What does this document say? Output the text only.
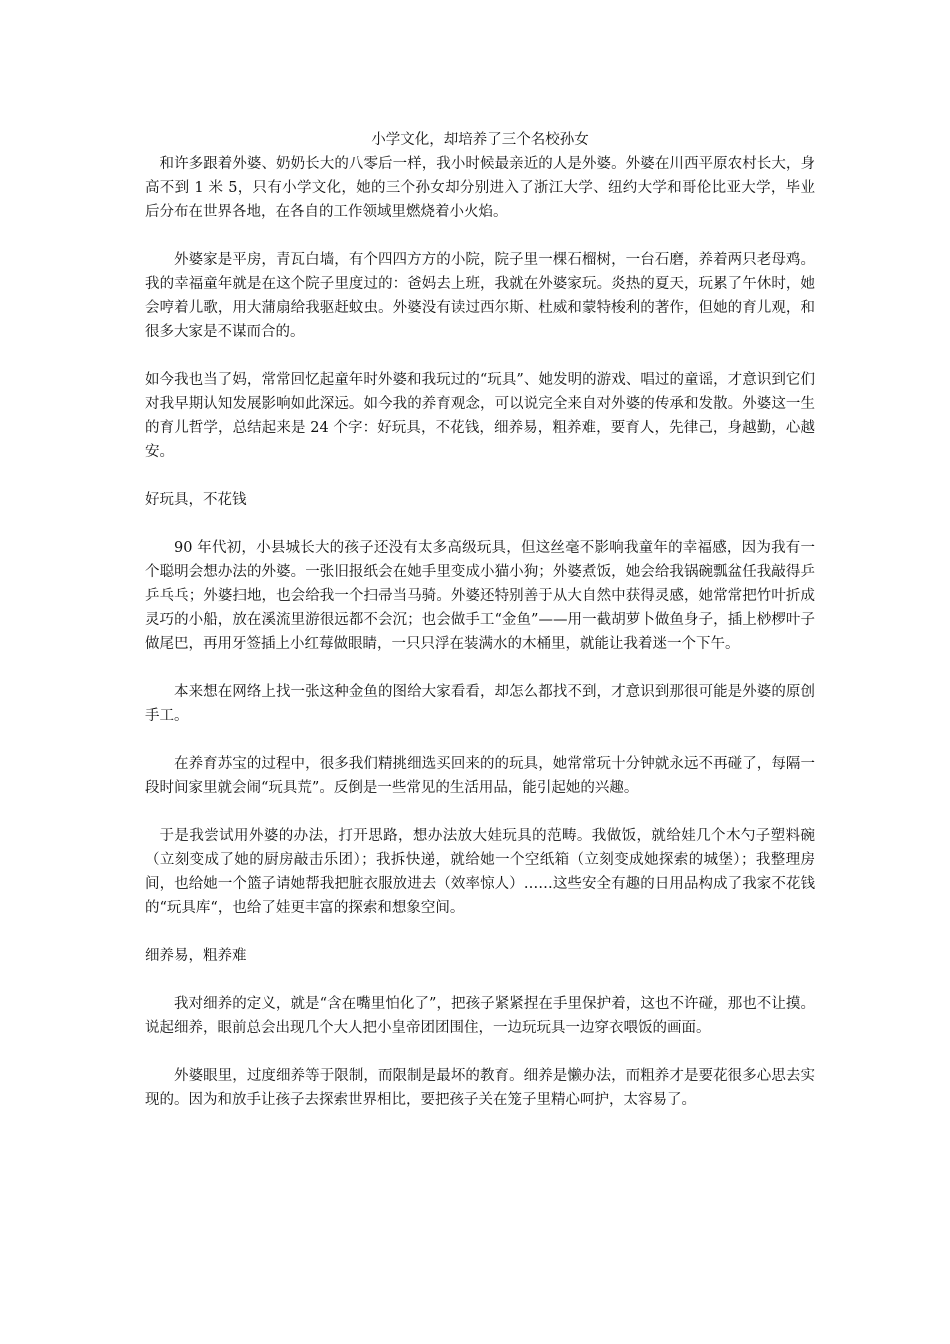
小学文化，却培养了三个名校孙女

和许多跟着外婆、奶奶长大的八零后一样，我小时候最亲近的人是外婆。外婆在川西平原农村长大，身高不到 1 米 5，只有小学文化，她的三个孙女却分别进入了浙江大学、纽约大学和哥伦比亚大学，毕业后分布在世界各地，在各自的工作领域里燃烧着小火焰。

外婆家是平房，青瓦白墙，有个四四方方的小院，院子里一棵石榴树，一台石磨，养着两只老母鸡。我的幸福童年就是在这个院子里度过的：爸妈去上班，我就在外婆家玩。炎热的夏天，玩累了午休时，她会哼着儿歌，用大蒲扇给我驱赶蚊虫。外婆没有读过西尔斯、杜威和蒙特梭利的著作，但她的育儿观，和很多大家是不谋而合的。

如今我也当了妈，常常回忆起童年时外婆和我玩过的“玩具”、她发明的游戏、唱过的童谣，才意识到它们对我早期认知发展影响如此深远。如今我的养育观念，可以说完全来自对外婆的传承和发散。外婆这一生的育儿哲学，总结起来是 24 个字：好玩具，不花钱，细养易，粗养难，要育人，先律己，身越勤，心越安。

好玩具，不花钱

90 年代初，小县城长大的孩子还没有太多高级玩具，但这丝毫不影响我童年的幸福感，因为我有一个聪明会想办法的外婆。一张旧报纸会在她手里变成小猫小狗；外婆煮饭，她会给我锅碗瓢盆任我敲得乒乒乓乓；外婆扫地，也会给我一个扫帚当马骑。外婆还特别善于从大自然中获得灵感，她常常把竹叶折成灵巧的小船，放在溪流里游很远都不会沉；也会做手工“金鱼”——用一截胡萝卜做鱼身子，插上桫椤叶子做尾巴，再用牙签插上小红莓做眼睛，一只只浮在装满水的木桶里，就能让我着迷一个下午。

本来想在网络上找一张这种金鱼的图给大家看看，却怎么都找不到，才意识到那很可能是外婆的原创手工。

在养育苏宝的过程中，很多我们精挑细选买回来的的玩具，她常常玩十分钟就永远不再碰了，每隔一段时间家里就会闹“玩具荒”。反倒是一些常见的生活用品，能引起她的兴趣。

于是我尝试用外婆的办法，打开思路，想办法放大娃玩具的范畴。我做饭，就给娃几个木勺子塑料碗（立刻变成了她的厨房敲击乐团）；我拆快递，就给她一个空纸箱（立刻变成她探索的城堡）；我整理房间，也给她一个篮子请她帮我把脏衣服放进去（效率惊人）……这些安全有趣的日用品构成了我家不花钱的“玩具库“，也给了娃更丰富的探索和想象空间。

细养易，粗养难

我对细养的定义，就是“含在嘴里怕化了”，把孩子紧紧捏在手里保护着，这也不许碰，那也不让摸。说起细养，眼前总会出现几个大人把小皇帝团团围住，一边玩玩具一边穿衣喂饭的画面。

外婆眼里，过度细养等于限制，而限制是最坏的教育。细养是懒办法，而粗养才是要花很多心思去实现的。因为和放手让孩子去探索世界相比，要把孩子关在笼子里精心呵护，太容易了。
